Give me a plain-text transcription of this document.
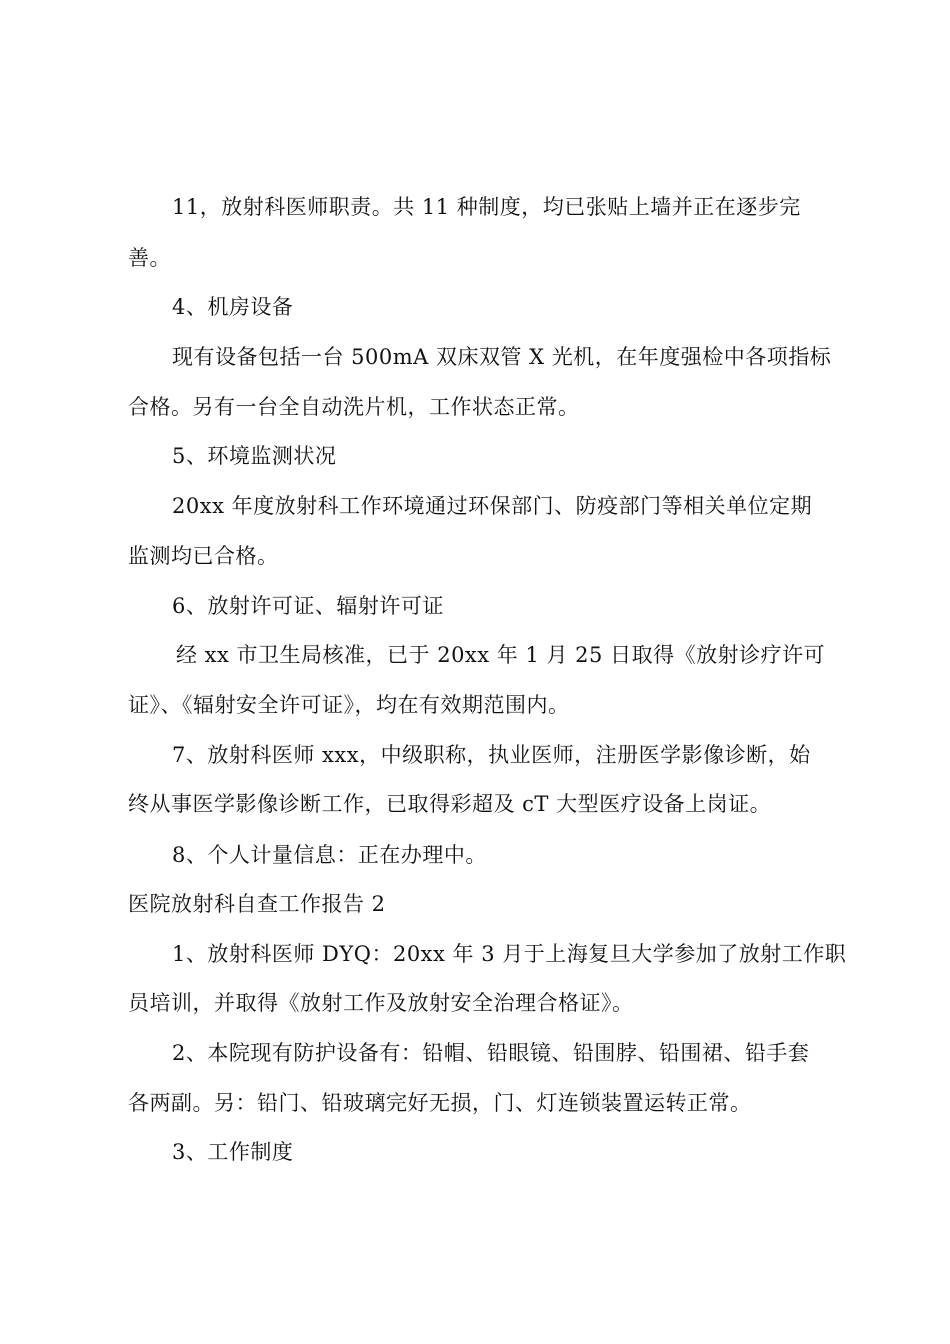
11，放射科医师职责。共 11 种制度，均已张贴上墙并正在逐步完
善。
4、机房设备
现有设备包括一台 500mA 双床双管 X 光机，在年度强检中各项指标
合格。另有一台全自动洗片机，工作状态正常。
5、环境监测状况
20xx 年度放射科工作环境通过环保部门、防疫部门等相关单位定期
监测均已合格。
6、放射许可证、辐射许可证
经 xx 市卫生局核准，已于 20xx 年 1 月 25 日取得《放射诊疗许可
证》、《辐射安全许可证》，均在有效期范围内。
7、放射科医师 xxx，中级职称，执业医师，注册医学影像诊断，始
终从事医学影像诊断工作，已取得彩超及 cT 大型医疗设备上岗证。
8、个人计量信息：正在办理中。
医院放射科自查工作报告 2
1、放射科医师 DYQ：20xx 年 3 月于上海复旦大学参加了放射工作职
员培训，并取得《放射工作及放射安全治理合格证》。
2、本院现有防护设备有：铅帽、铅眼镜、铅围脖、铅围裙、铅手套
各两副。另：铅门、铅玻璃完好无损，门、灯连锁装置运转正常。
3、工作制度
